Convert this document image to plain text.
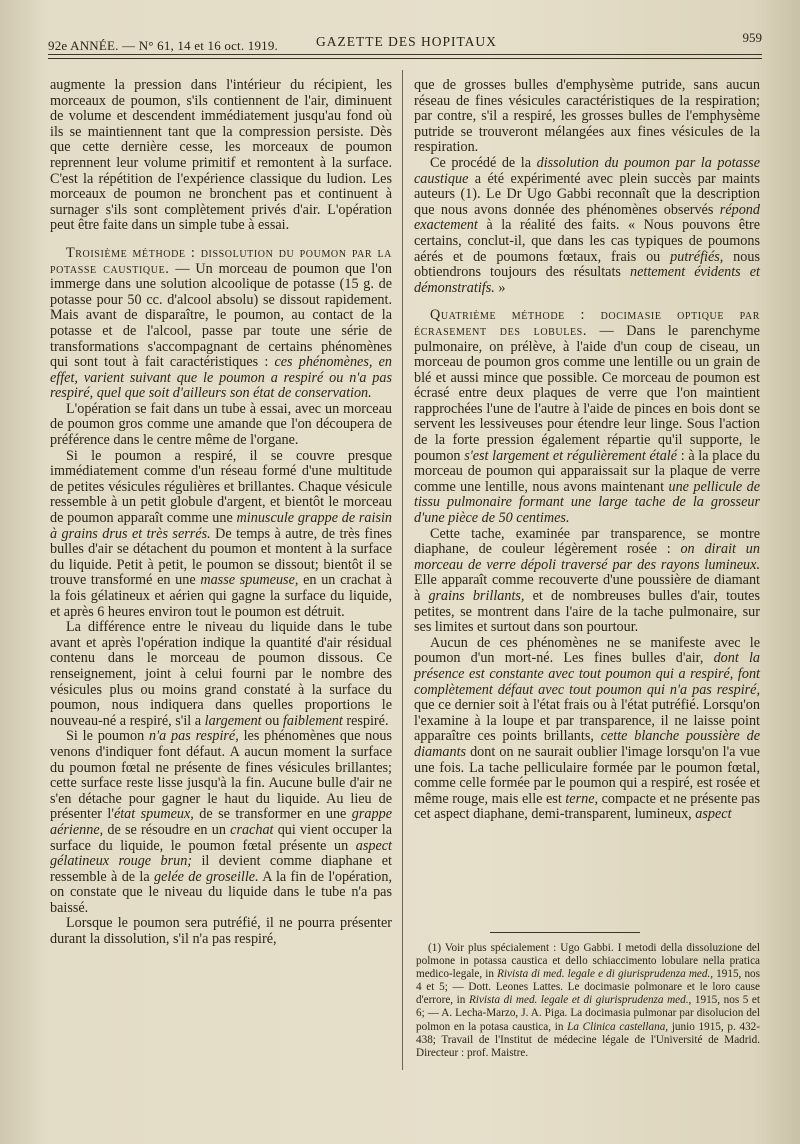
92e ANNÉE. — N° 61, 14 et 16 oct. 1919.	GAZETTE DES HOPITAUX	959

augmente la pression dans l'intérieur du récipient, les morceaux de poumon, s'ils contiennent de l'air, diminuent de volume et descendent immédiatement jusqu'au fond où ils se maintiennent tant que la compression persiste. Dès que cette dernière cesse, les morceaux de poumon reprennent leur volume primitif et remontent à la surface. C'est la répétition de l'expérience classique du ludion. Les morceaux de poumon ne bronchent pas et continuent à surnager s'ils sont complètement privés d'air. L'opération peut être faite dans un simple tube à essai.

Troisième méthode : dissolution du poumon par la potasse caustique. — Un morceau de poumon que l'on immerge dans une solution alcoolique de potasse (15 g. de potasse pour 50 cc. d'alcool absolu) se dissout rapidement. Mais avant de disparaître, le poumon, au contact de la potasse et de l'alcool, passe par toute une série de transformations s'accompagnant de certains phénomènes qui sont tout à fait caractéristiques : ces phénomènes, en effet, varient suivant que le poumon a respiré ou n'a pas respiré, quel que soit d'ailleurs son état de conservation.

L'opération se fait dans un tube à essai, avec un morceau de poumon gros comme une amande que l'on découpera de préférence dans le centre même de l'organe.

Si le poumon a respiré, il se couvre presque immédiatement comme d'un réseau formé d'une multitude de petites vésicules régulières et brillantes. Chaque vésicule ressemble à un petit globule d'argent, et bientôt le morceau de poumon apparaît comme une minuscule grappe de raisin à grains drus et très serrés. De temps à autre, de très fines bulles d'air se détachent du poumon et montent à la surface du liquide. Petit à petit, le poumon se dissout; bientôt il se trouve transformé en une masse spumeuse, en un crachat à la fois gélatineux et aérien qui gagne la surface du liquide, et après 6 heures environ tout le poumon est détruit.

La différence entre le niveau du liquide dans le tube avant et après l'opération indique la quantité d'air résidual contenu dans le morceau de poumon dissous. Ce renseignement, joint à celui fourni par le nombre des vésicules plus ou moins grand constaté à la surface du poumon, nous indiquera dans quelles proportions le nouveau-né a respiré, s'il a largement ou faiblement respiré.

Si le poumon n'a pas respiré, les phénomènes que nous venons d'indiquer font défaut. A aucun moment la surface du poumon fœtal ne présente de fines vésicules brillantes; cette surface reste lisse jusqu'à la fin. Aucune bulle d'air ne s'en détache pour gagner le haut du liquide. Au lieu de présenter l'état spumeux, de se transformer en une grappe aérienne, de se résoudre en un crachat qui vient occuper la surface du liquide, le poumon fœtal présente un aspect gélatineux rouge brun; il devient comme diaphane et ressemble à de la gelée de groseille. A la fin de l'opération, on constate que le niveau du liquide dans le tube n'a pas baissé.

Lorsque le poumon sera putréfié, il ne pourra présenter durant la dissolution, s'il n'a pas respiré,

que de grosses bulles d'emphysème putride, sans aucun réseau de fines vésicules caractéristiques de la respiration; par contre, s'il a respiré, les grosses bulles de l'emphysème putride se trouveront mélangées aux fines vésicules de la respiration.

Ce procédé de la dissolution du poumon par la potasse caustique a été expérimenté avec plein succès par maints auteurs (1). Le Dr Ugo Gabbi reconnaît que la description que nous avons donnée des phénomènes observés répond exactement à la réalité des faits. « Nous pouvons être certains, conclut-il, que dans les cas typiques de poumons aérés et de poumons fœtaux, frais ou putréfiés, nous obtiendrons toujours des résultats nettement évidents et démonstratifs. »

Quatrième méthode : docimasie optique par écrasement des lobules. — Dans le parenchyme pulmonaire, on prélève, à l'aide d'un coup de ciseau, un morceau de poumon gros comme une lentille ou un grain de blé et aussi mince que possible. Ce morceau de poumon est écrasé entre deux plaques de verre que l'on maintient rapprochées l'une de l'autre à l'aide de pinces en bois dont se servent les lessiveuses pour étendre leur linge. Sous l'action de la forte pression également répartie qu'il supporte, le poumon s'est largement et régulièrement étalé : à la place du morceau de poumon qui apparaissait sur la plaque de verre comme une lentille, nous avons maintenant une pellicule de tissu pulmonaire formant une large tache de la grosseur d'une pièce de 50 centimes.

Cette tache, examinée par transparence, se montre diaphane, de couleur légèrement rosée : on dirait un morceau de verre dépoli traversé par des rayons lumineux. Elle apparaît comme recouverte d'une poussière de diamant à grains brillants, et de nombreuses bulles d'air, toutes petites, se montrent dans l'aire de la tache pulmonaire, sur ses limites et surtout dans son pourtour.

Aucun de ces phénomènes ne se manifeste avec le poumon d'un mort-né. Les fines bulles d'air, dont la présence est constante avec tout poumon qui a respiré, font complètement défaut avec tout poumon qui n'a pas respiré, que ce dernier soit à l'état frais ou à l'état putréfié. Lorsqu'on l'examine à la loupe et par transparence, il ne laisse point apparaître ces points brillants, cette blanche poussière de diamants dont on ne saurait oublier l'image lorsqu'on l'a vue une fois. La tache pelliculaire formée par le poumon fœtal, comme celle formée par le poumon qui a respiré, est rosée et même rouge, mais elle est terne, compacte et ne présente pas cet aspect diaphane, demi-transparent, lumineux, aspect

(1) Voir plus spécialement : Ugo Gabbi. I metodi della dissoluzione del polmone in potassa caustica et dello schiaccimento lobulare nella pratica medico-legale, in Rivista di med. legale e di giurisprudenza med., 1915, nos 4 et 5; — Dott. Leones Lattes. Le docimasie polmonare et le loro cause d'errore, in Rivista di med. legale et di giurisprudenza med., 1915, nos 5 et 6; — A. Lecha-Marzo, J. A. Piga. La docimasia pulmonar par disolucion del polmon en la potasa caustica, in La Clinica castellana, junio 1915, p. 432-438; Travail de l'Institut de médecine légale de l'Université de Madrid. Directeur : prof. Maistre.
